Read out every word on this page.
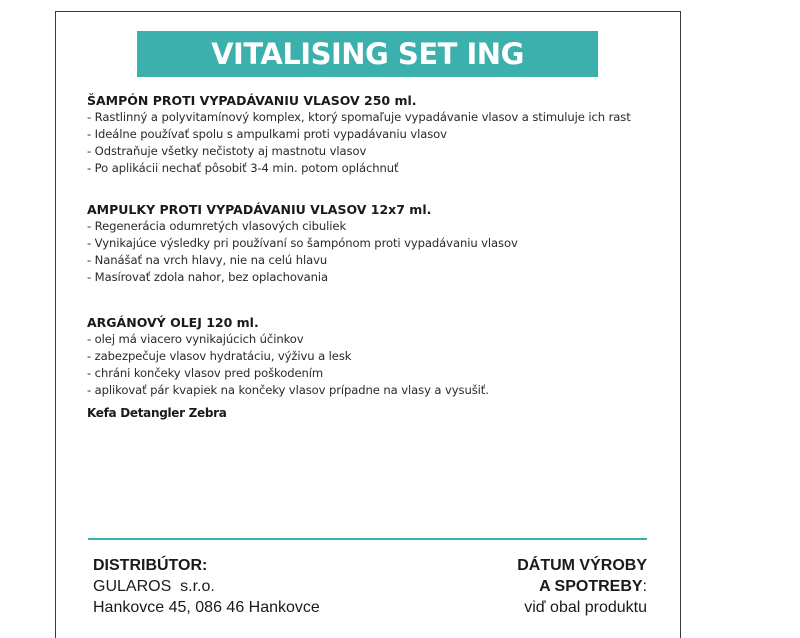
VITALISING SET ING
ŠAMPÓN PROTI VYPADÁVANIU VLASOV 250 ml.
- Rastlinný a polyvitamínový komplex, ktorý spomaľuje vypadávanie vlasov a stimuluje ich rast
- Ideálne používať spolu s ampulkami proti vypadávaniu vlasov
- Odstraňuje všetky nečistoty aj mastnotu vlasov
- Po aplikácii nechať pôsobiť 3-4 min. potom opláchnuť
AMPULKY PROTI VYPADÁVANIU VLASOV 12x7 ml.
- Regenerácia odumretých vlasových cibuliek
- Vynikajúce výsledky pri používaní so šampónom proti vypadávaniu vlasov
- Nanášať na vrch hlavy, nie na celú hlavu
- Masírovať zdola nahor, bez oplachovania
ARGÁNOVÝ OLEJ 120 ml.
- olej má viacero vynikajúcich účinkov
- zabezpečuje vlasov hydratáciu, výživu a lesk
- chráni končeky vlasov pred poškodením
- aplikovať pár kvapiek na končeky vlasov prípadne na vlasy a vysušiť.
Kefa Detangler Zebra
DISTRIBÚTOR:
GULAROS  s.r.o.
Hankovce 45, 086 46 Hankovce
DÁTUM VÝROBY
A SPOTREBY:
viď obal produktu
